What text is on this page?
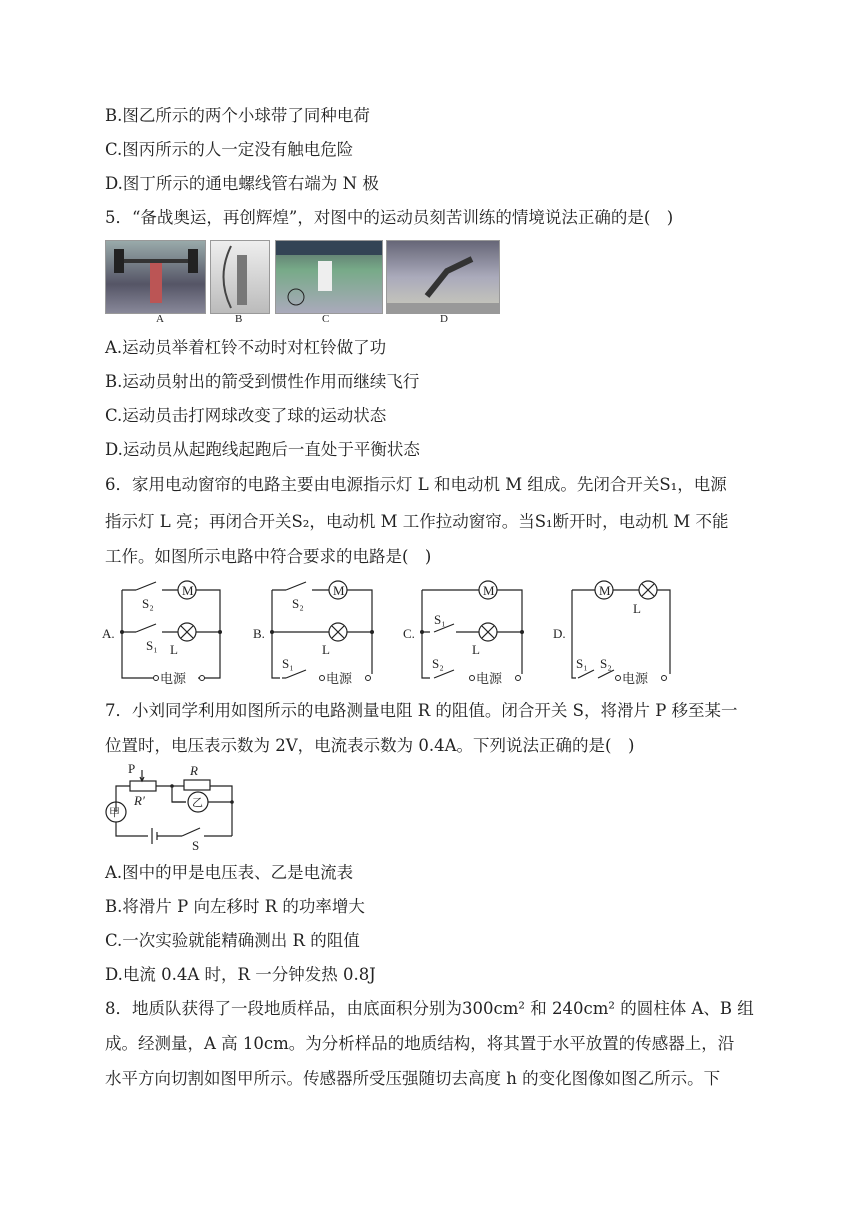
B.图乙所示的两个小球带了同种电荷
C.图丙所示的人一定没有触电危险
D.图丁所示的通电螺线管右端为 N 极
5．“备战奥运，再创辉煌”，对图中的运动员刻苦训练的情境说法正确的是(　)
A	B	C	D
A.运动员举着杠铃不动时对杠铃做了功
B.运动员射出的箭受到惯性作用而继续飞行
C.运动员击打网球改变了球的运动状态
D.运动员从起跑线起跑后一直处于平衡状态
6．家用电动窗帘的电路主要由电源指示灯 L 和电动机 M 组成。先闭合开关S₁，电源
指示灯 L 亮；再闭合开关S₂，电动机 M 工作拉动窗帘。当S₁断开时，电动机 M 不能
工作。如图所示电路中符合要求的电路是(　)
A.	B.	C.	D.
M	M	M	M
L	L	L
L
S₂
S₁
S₂
S₁
S₁
S₂	S₁ S₂
电源	电源	电源	电源
7．小刘同学利用如图所示的电路测量电阻 R 的阻值。闭合开关 S，将滑片 P 移至某一
位置时，电压表示数为 2V，电流表示数为 0.4A。下列说法正确的是(　)
P	R
R′
甲
乙
S
A.图中的甲是电压表、乙是电流表
B.将滑片 P 向左移时 R 的功率增大
C.一次实验就能精确测出 R 的阻值
D.电流 0.4A 时，R 一分钟发热 0.8J
8．地质队获得了一段地质样品，由底面积分别为300cm² 和 240cm² 的圆柱体 A、B 组
成。经测量，A 高 10cm。为分析样品的地质结构，将其置于水平放置的传感器上，沿
水平方向切割如图甲所示。传感器所受压强随切去高度 h 的变化图像如图乙所示。下
